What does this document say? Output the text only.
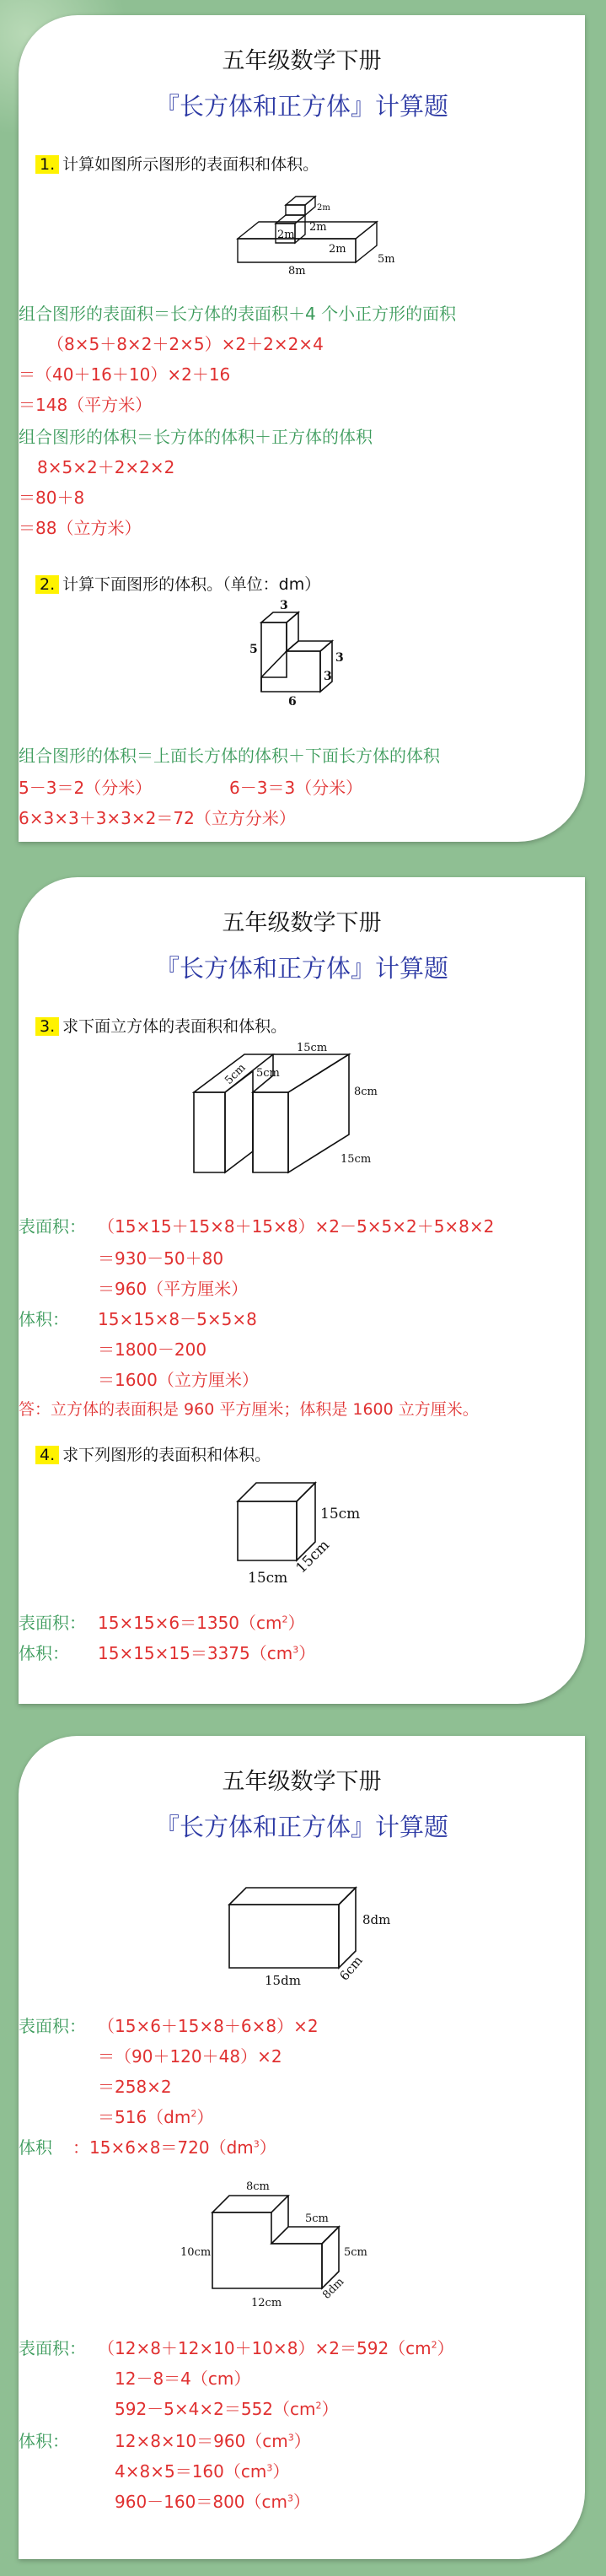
五年级数学下册
『长方体和正方体』计算题
1. 计算如图所示图形的表面积和体积。
2m
2m
2m
2m
5m
8m
组合图形的表面积＝长方体的表面积＋4 个小正方形的面积
（8×5＋8×2＋2×5）×2＋2×2×4
＝（40＋16＋10）×2＋16
＝148（平方米）
组合图形的体积＝长方体的体积＋正方体的体积
8×5×2＋2×2×2
＝80＋8
＝88（立方米）
2. 计算下面图形的体积。（单位：dm）
3
5
3
3
6
组合图形的体积＝上面长方体的体积＋下面长方体的体积
5－3＝2（分米）	6－3＝3（分米）
6×3×3＋3×3×2＝72（立方分米）
五年级数学下册
『长方体和正方体』计算题
3. 求下面立方体的表面积和体积。
15cm
5cm 5cm
8cm
15cm
表面积： （15×15＋15×8＋15×8）×2－5×5×2＋5×8×2
＝930－50＋80
＝960（平方厘米）
体积： 15×15×8－5×5×8
＝1800－200
＝1600（立方厘米）
答：立方体的表面积是 960 平方厘米；体积是 1600 立方厘米。
4. 求下列图形的表面积和体积。
15cm
15cm
15cm
表面积： $15\times 15\times 6=1350(cm^2)$
体积： $15\times 15\times 15=3375(cm^3)$
五年级数学下册
『长方体和正方体』计算题
8dm
15dm	6cm
表面积： （15×6＋15×8＋6×8）×2
＝（90＋120＋48）×2
＝258×2
$=516(dm^2)$
体积 ：$15\times 6\times 8=720(dm^3)$
8cm
5cm
5cm
10cm
8dm
12cm
表面积： $(12\times 8+12\times 10+10\times 8)\times 2=592(cm^2)$
12－8＝4（cm）
$592-5\times 4\times 2=552(cm^2)$
体积：	$12\times 8\times 10=960(cm^3)$
$4\times 8\times 5=160(cm^3)$
$960-160=800(cm^3)$
